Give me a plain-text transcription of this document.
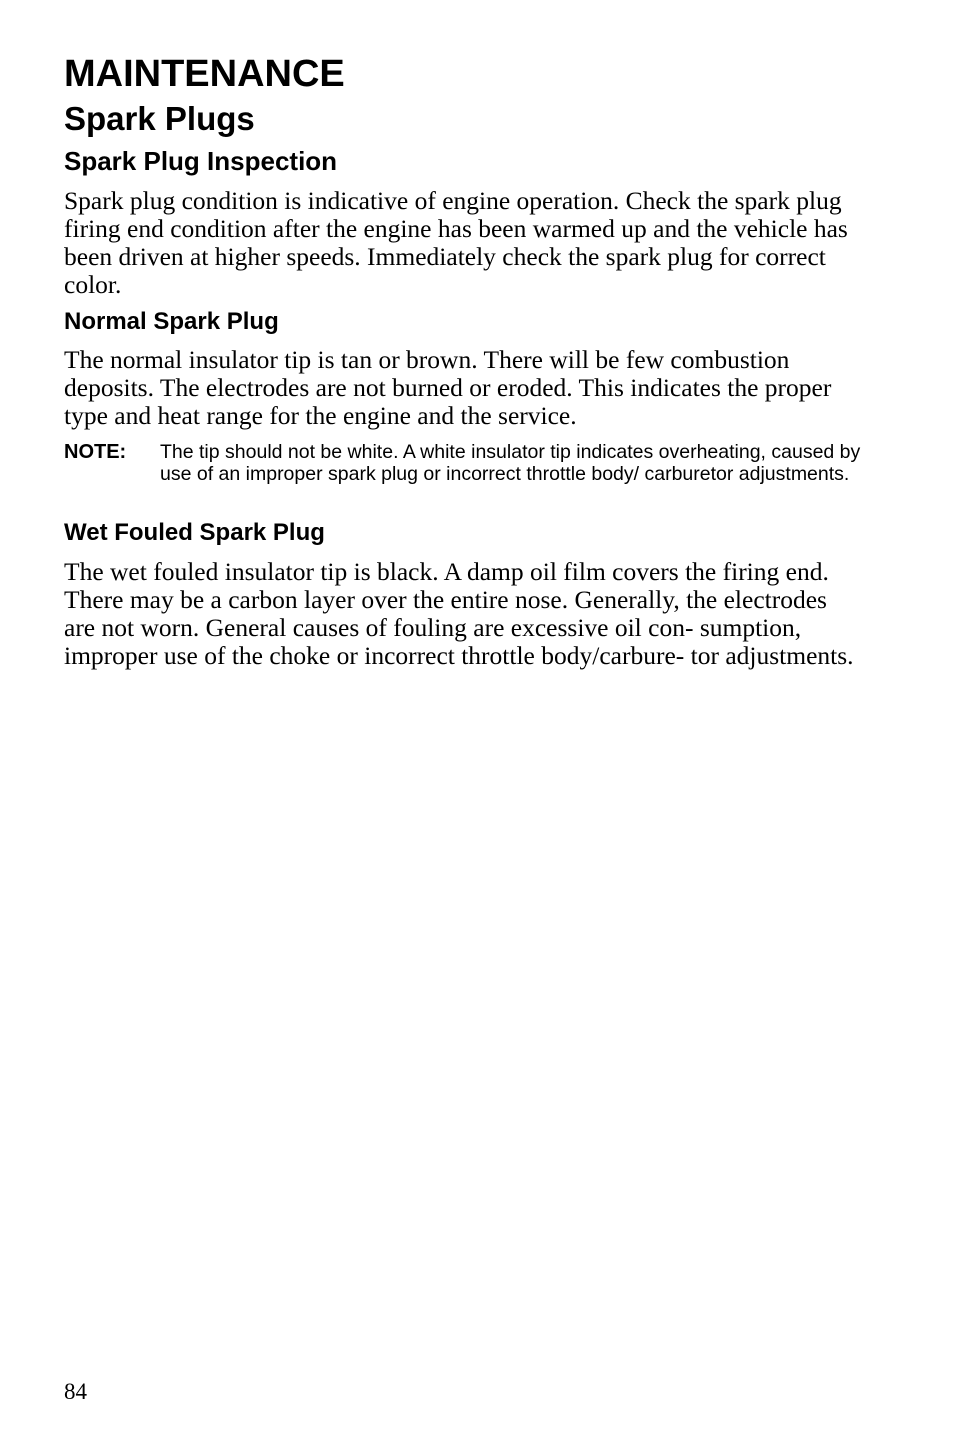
MAINTENANCE
Spark Plugs
Spark Plug Inspection

Spark plug condition is indicative of engine operation. Check the spark plug firing end condition after the engine has been warmed up and the vehicle has been driven at higher speeds. Immediately check the spark plug for correct color.

Normal Spark Plug

The normal insulator tip is tan or brown. There will be few combustion deposits. The electrodes are not burned or eroded. This indicates the proper type and heat range for the engine and the service.

NOTE: The tip should not be white. A white insulator tip indicates overheating, caused by use of an improper spark plug or incorrect throttle body/ carburetor adjustments.

Wet Fouled Spark Plug

The wet fouled insulator tip is black. A damp oil film covers the firing end. There may be a carbon layer over the entire nose. Generally, the electrodes are not worn. General causes of fouling are excessive oil con- sumption, improper use of the choke or incorrect throttle body/carbure- tor adjustments.

84
